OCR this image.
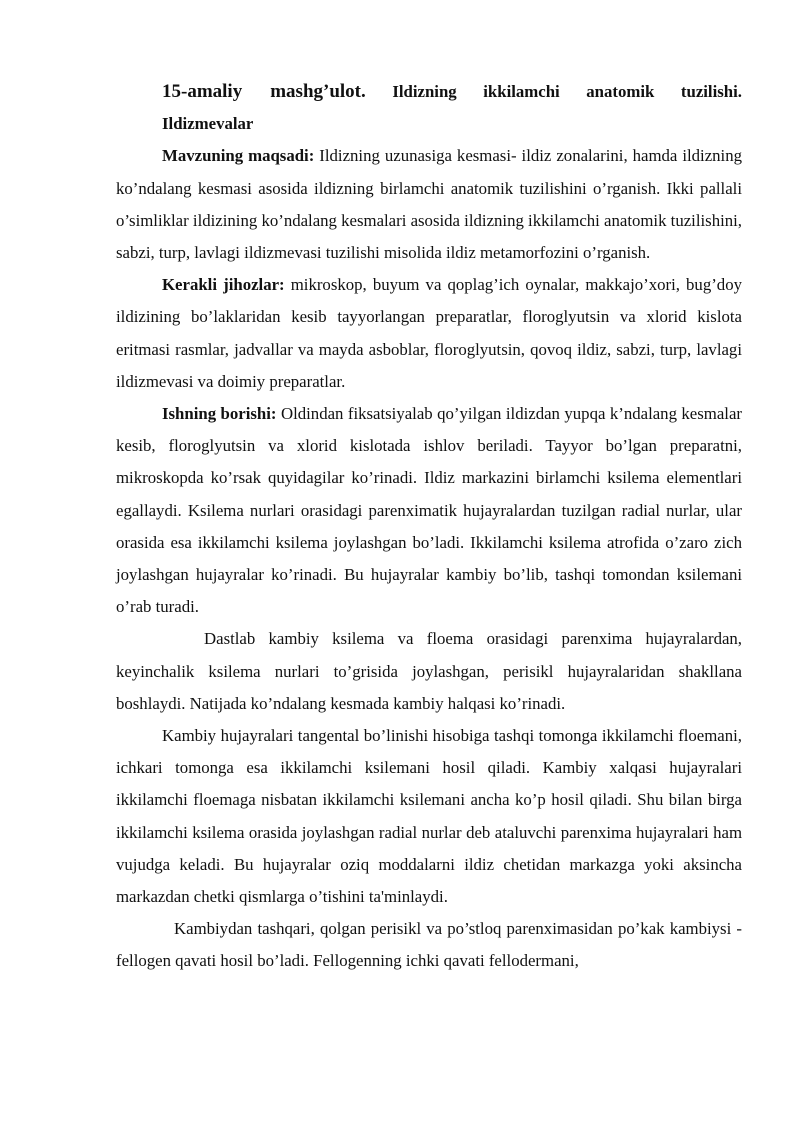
15-amaliy mashg’ulot. Ildizning ikkilamchi anatomik tuzilishi. Ildizmevalar

Mavzuning maqsadi: Ildizning uzunasiga kesmasi- ildiz zonalarini, hamda ildizning ko’ndalang kesmasi asosida ildizning birlamchi anatomik tuzilishini o’rganish. Ikki pallali o’simliklar ildizining ko’ndalang kesmalari asosida ildizning ikkilamchi anatomik tuzilishini, sabzi, turp, lavlagi ildizmevasi tuzilishi misolida ildiz metamorfozini o’rganish.

Kerakli jihozlar: mikroskop, buyum va qoplag’ich oynalar, makkajo’xori, bug’doy ildizining bo’laklaridan kesib tayyorlangan preparatlar, floroglyutsin va xlorid kislota eritmasi rasmlar, jadvallar va mayda asboblar, floroglyutsin, qovoq ildiz, sabzi, turp, lavlagi ildizmevasi va doimiy preparatlar.

Ishning borishi: Oldindan fiksatsiyalab qo’yilgan ildizdan yupqa k’ndalang kesmalar kesib, floroglyutsin va xlorid kislotada ishlov beriladi. Tayyor bo’lgan preparatni, mikroskopda ko’rsak quyidagilar ko’rinadi. Ildiz markazini birlamchi ksilema elementlari egallaydi. Ksilema nurlari orasidagi parenximatik hujayralardan tuzilgan radial nurlar, ular orasida esa ikkilamchi ksilema joylashgan bo’ladi. Ikkilamchi ksilema atrofida o’zaro zich joylashgan hujayralar ko’rinadi. Bu hujayralar kambiy bo’lib, tashqi tomondan ksilemani o’rab turadi.

Dastlab kambiy ksilema va floema orasidagi parenxima hujayralardan, keyinchalik ksilema nurlari to’grisida joylashgan, perisikl hujayralaridan shakllana boshlaydi. Natijada ko’ndalang kesmada kambiy halqasi ko’rinadi.

Kambiy hujayralari tangental bo’linishi hisobiga tashqi tomonga ikkilamchi floemani, ichkari tomonga esa ikkilamchi ksilemani hosil qiladi. Kambiy xalqasi hujayralari ikkilamchi floemaga nisbatan ikkilamchi ksilemani ancha ko’p hosil qiladi. Shu bilan birga ikkilamchi ksilema orasida joylashgan radial nurlar deb ataluvchi parenxima hujayralari ham vujudga keladi. Bu hujayralar oziq moddalarni ildiz chetidan markazga yoki aksincha markazdan chetki qismlarga o’tishini ta'minlaydi.

Kambiydan tashqari, qolgan perisikl va po’stloq parenximasidan po’kak kambiysi - fellogen qavati hosil bo’ladi. Fellogenning ichki qavati fellodermani,
